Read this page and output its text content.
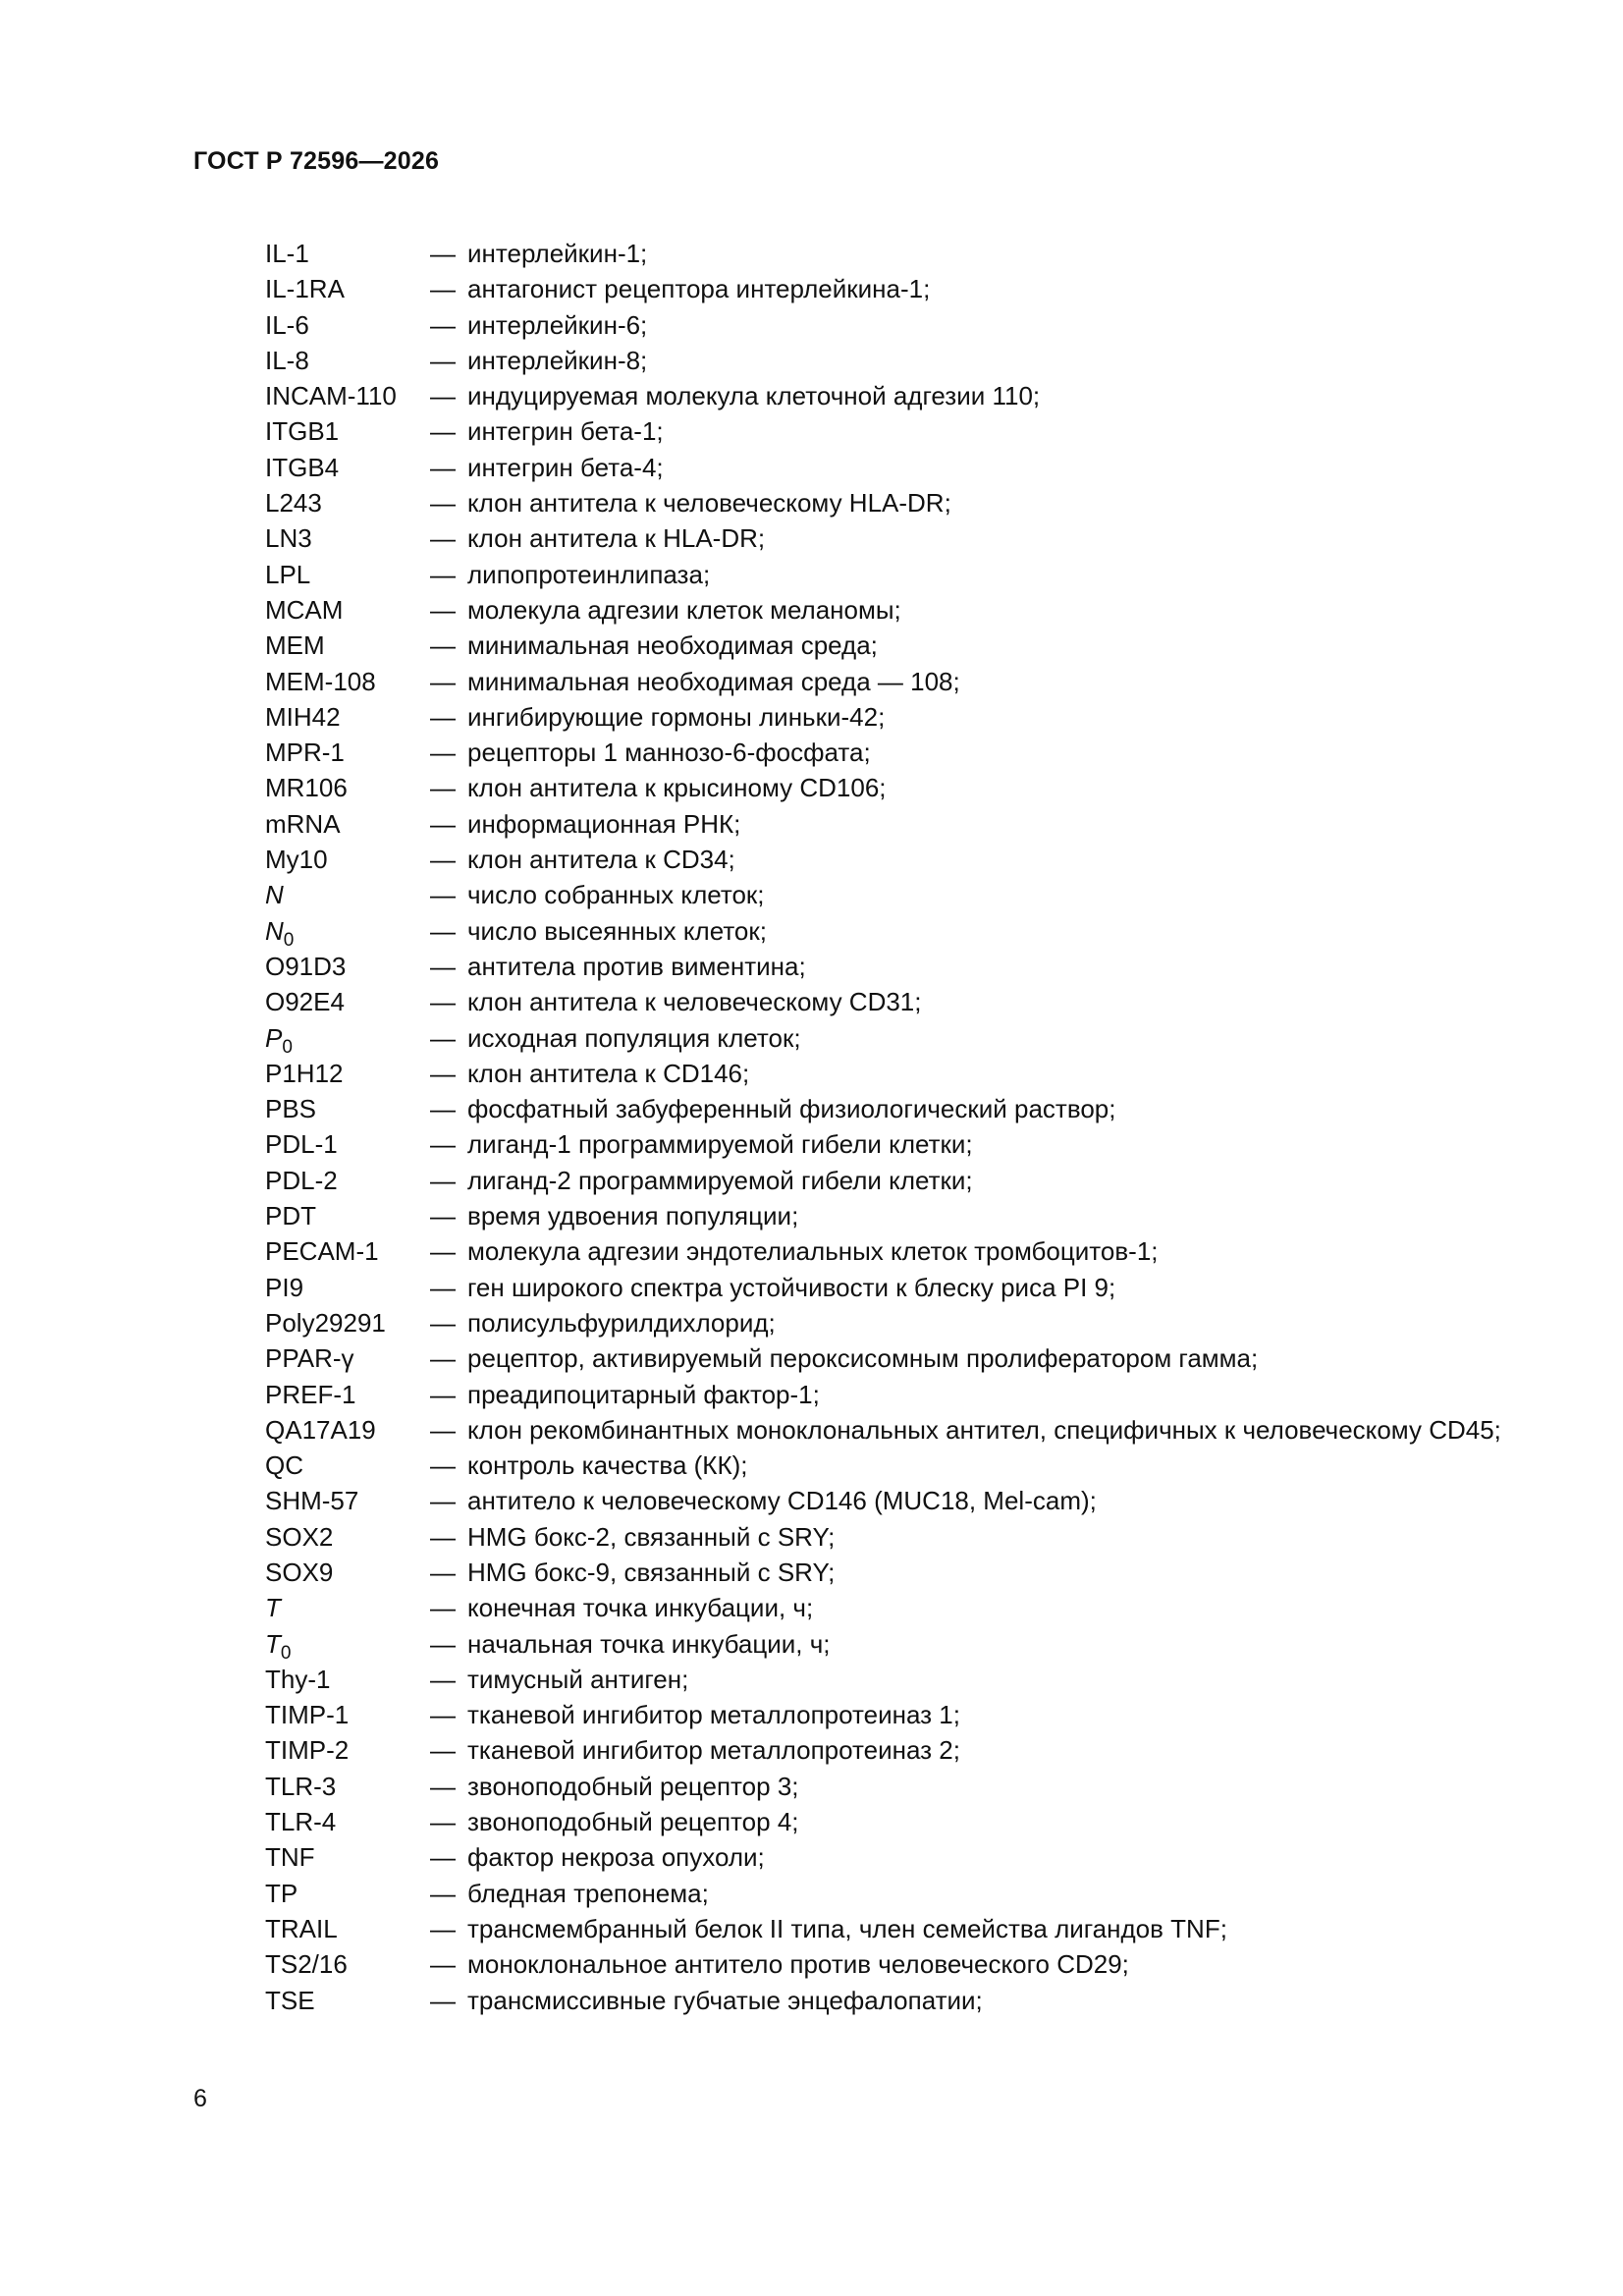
ГОСТ Р 72596—2026
IL-1	— интерлейкин-1;
IL-1RA	— антагонист рецептора интерлейкина-1;
IL-6	— интерлейкин-6;
IL-8	— интерлейкин-8;
INCAM-110	— индуцируемая молекула клеточной адгезии 110;
ITGB1	— интегрин бета-1;
ITGB4	— интегрин бета-4;
L243	— клон антитела к человеческому HLA-DR;
LN3	— клон антитела к HLA-DR;
LPL	— липопротеинлипаза;
MCAM	— молекула адгезии клеток меланомы;
MEM	— минимальная необходимая среда;
MEM-108	— минимальная необходимая среда — 108;
MIH42	— ингибирующие гормоны линьки-42;
MPR-1	— рецепторы 1 маннозо-6-фосфата;
MR106	— клон антитела к крысиному CD106;
mRNA	— информационная РНК;
My10	— клон антитела к CD34;
N	— число собранных клеток;
$N_0$	— число высеянных клеток;
O91D3	— антитела против виментина;
O92E4	— клон антитела к человеческому CD31;
$P_0$	— исходная популяция клеток;
P1H12	— клон антитела к CD146;
PBS	— фосфатный забуференный физиологический раствор;
PDL-1	— лиганд-1 программируемой гибели клетки;
PDL-2	— лиганд-2 программируемой гибели клетки;
PDT	— время удвоения популяции;
PECAM-1	— молекула адгезии эндотелиальных клеток тромбоцитов-1;
PI9	— ген широкого спектра устойчивости к блеску риса PI 9;
Poly29291	— полисульфурилдихлорид;
PPAR-γ	— рецептор, активируемый пероксисомным пролифератором гамма;
PREF-1	— преадипоцитарный фактор-1;
QA17A19	— клон рекомбинантных моноклональных антител, специфичных к человеческому CD45;
QC	— контроль качества (КК);
SHM-57	— антитело к человеческому CD146 (MUC18, Mel-cam);
SOX2	— HMG бокс-2, связанный с SRY;
SOX9	— HMG бокс-9, связанный с SRY;
T	— конечная точка инкубации, ч;
$T_0$	— начальная точка инкубации, ч;
Thy-1	— тимусный антиген;
TIMP-1	— тканевой ингибитор металлопротеиназ 1;
TIMP-2	— тканевой ингибитор металлопротеиназ 2;
TLR-3	— звоноподобный рецептор 3;
TLR-4	— звоноподобный рецептор 4;
TNF	— фактор некроза опухоли;
TP	— бледная трепонема;
TRAIL	— трансмембранный белок II типа, член семейства лигандов TNF;
TS2/16	— моноклональное антитело против человеческого CD29;
TSE	— трансмиссивные губчатые энцефалопатии;
6
